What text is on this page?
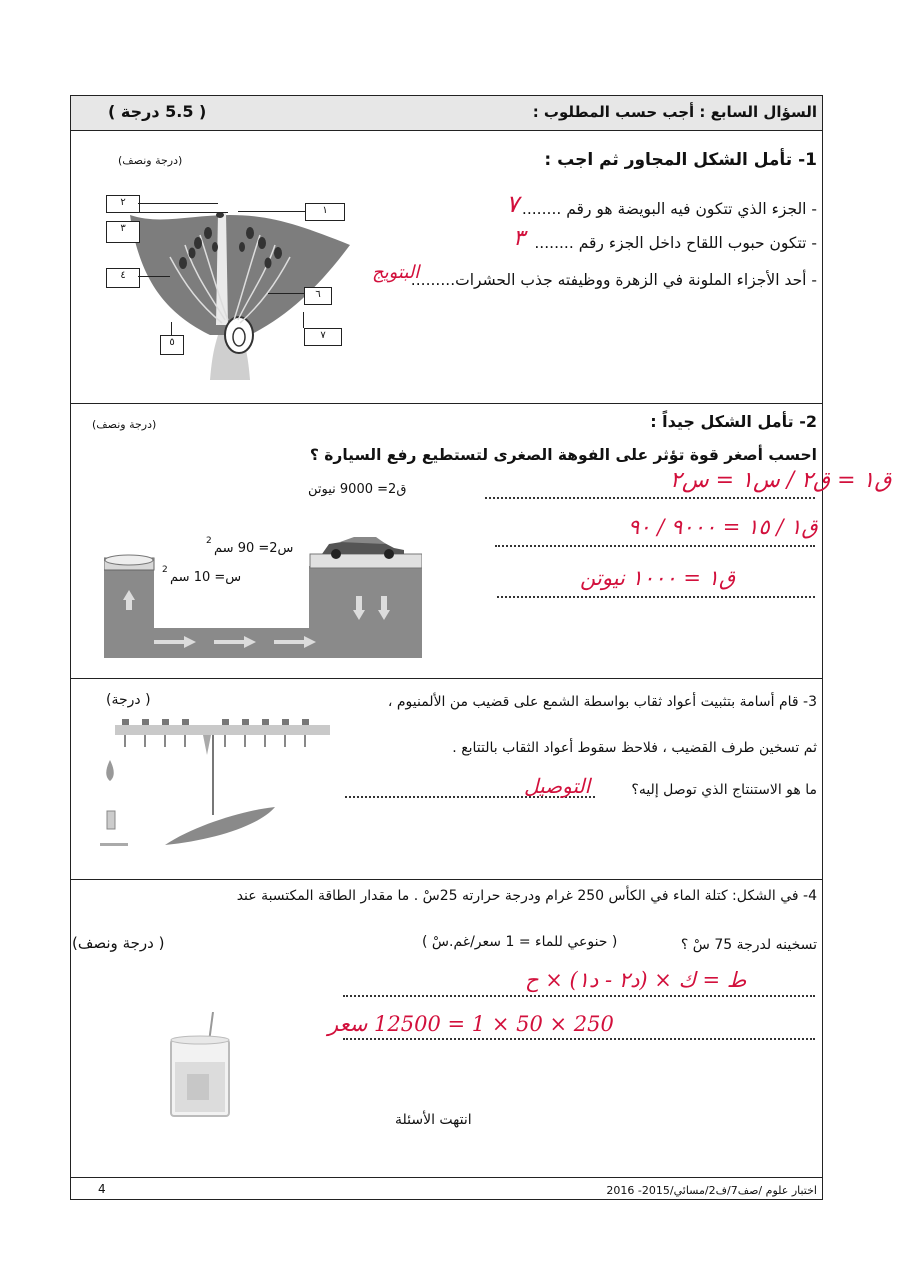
السؤال السابع : أجب حسب المطلوب :
( 5.5 درجة )
1- تأمل الشكل المجاور ثم اجب :
(درجة ونصف)
- الجزء الذي تتكون فيه البويضة هو رقم ........
٧
- تتكون حبوب اللقاح داخل الجزء رقم ........
٣
- أحد الأجزاء الملونة في الزهرة ووظيفته جذب الحشرات.........
البتويج
٢
٣
٤
٥
١
٦
٧
2- تأمل الشكل جيداً :
(درجة ونصف)
احسب أصغر قوة تؤثر على الفوهة الصغرى لتستطيع رفع السيارة ؟
ق2= 9000 نيوتن	ق١ = ق٢ / س١ = س٢
ق١ / ١٥ = ٩٠٠٠ / ٩٠
ق١ = ١٠٠٠ نيوتن
س2= 90 سم
2
س= 10 سم
2
3- قام أسامة بتثبيت أعواد ثقاب بواسطة الشمع على قضيب من الألمنيوم ،
( درجة)
ثم تسخين طرف القضيب ، فلاحظ سقوط أعواد الثقاب بالتتابع .
ما هو الاستنتاج الذي توصل إليه؟
التوصيل
4- في الشكل: كتلة الماء في الكأس 250 غرام ودرجة حرارته 25سْ . ما مقدار الطاقة المكتسبة عند
تسخينه لدرجة 75 سْ ؟
( حنوعي للماء = 1 سعر/غم.سْ )
( درجة ونصف)
ط = ك × (د٢ - د١) × ح
250 × 50 × 1 = 12500 سعر
انتهت الأسئلة
4	اختبار علوم /صف7/ف2/مسائي/2015- 2016
